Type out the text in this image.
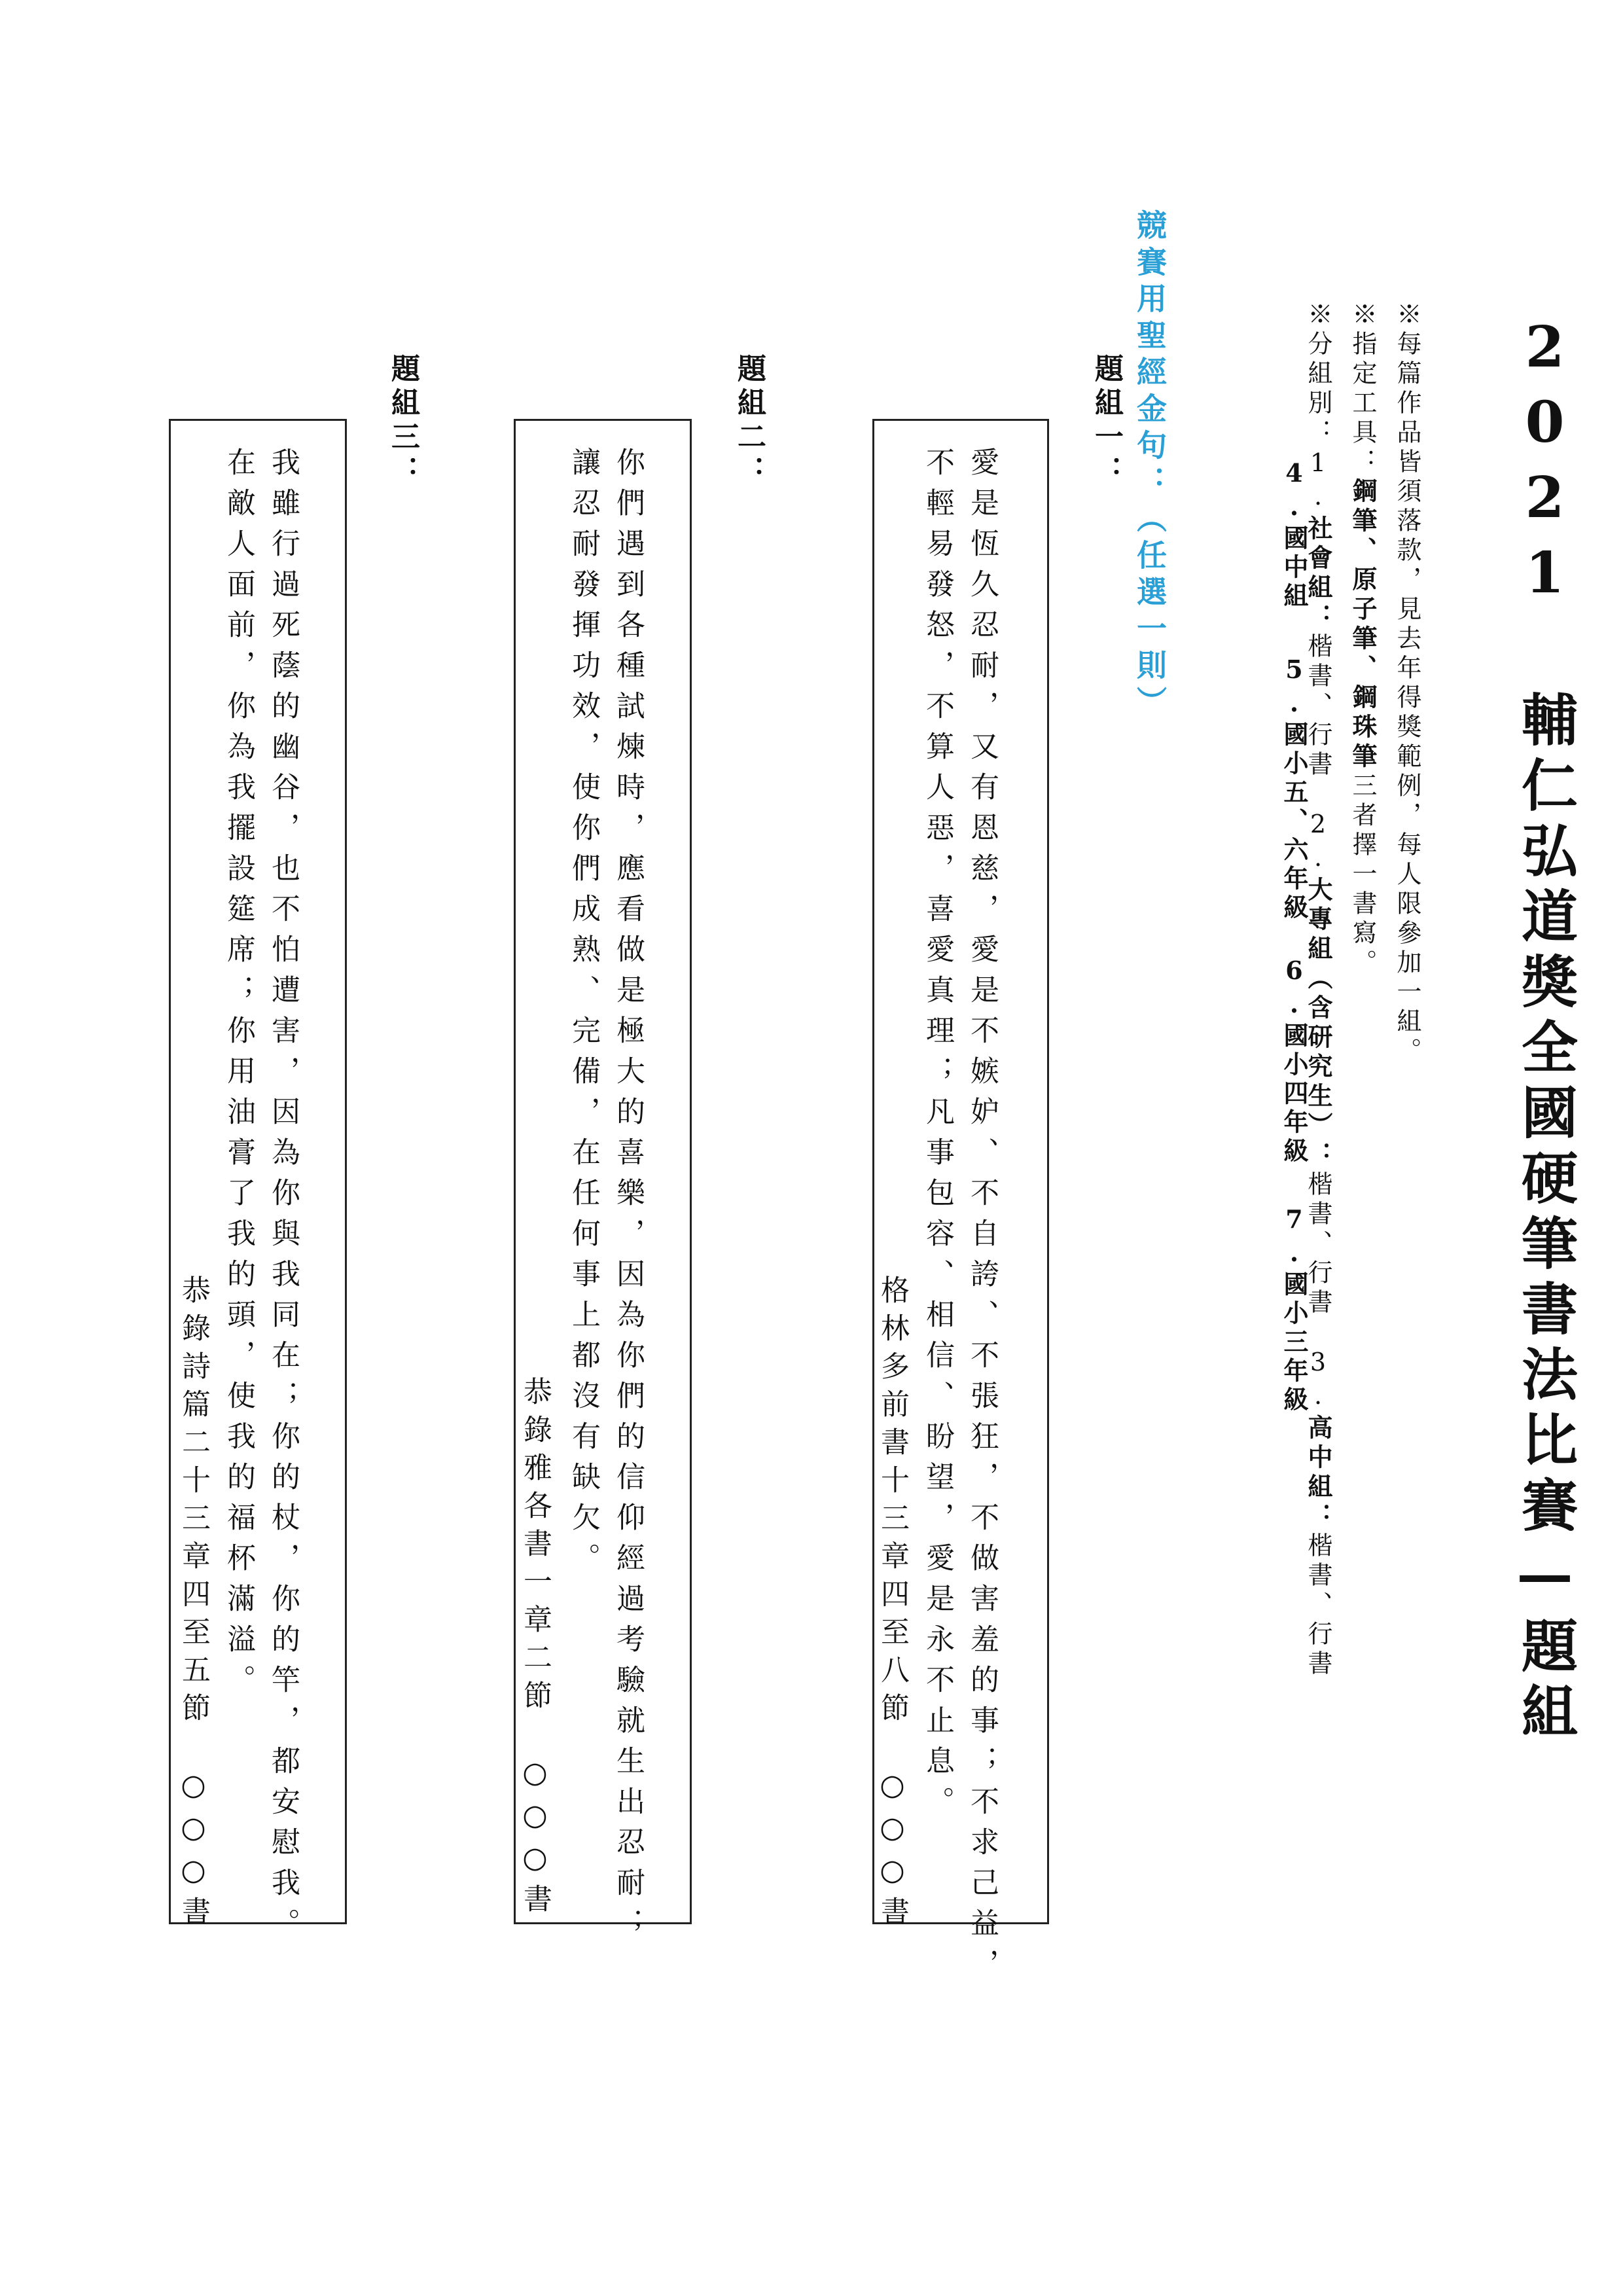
2021 輔仁弘道獎全國硬筆書法比賽—題組
※每篇作品皆須落款，見去年得獎範例，每人限參加一組。
※指定工具：鋼筆、原子筆、鋼珠筆三者擇一書寫。
※分組別：1.社會組：楷書、行書　2.大專組（含研究生）：楷書、行書　3.高中組：楷書、行書
4.國中組
5.國小五、六年級
6.國小四年級
7.國小三年級
競賽用聖經金句：（任選一則）
題組一：
愛是恆久忍耐，又有恩慈，愛是不嫉妒、不自誇、不張狂，不做害羞的事；不求己益，
不輕易發怒，不算人惡，喜愛真理；凡事包容、相信、盼望，愛是永不止息。
格林多前書十三章四至八節　○○○書
題組二：
你們遇到各種試煉時，應看做是極大的喜樂，因為你們的信仰經過考驗就生出忍耐；
讓忍耐發揮功效，使你們成熟、完備，在任何事上都沒有缺欠。
恭錄雅各書一章二節　○○○書
題組三：
我雖行過死蔭的幽谷，也不怕遭害，因為你與我同在；你的杖，你的竿，都安慰我。
在敵人面前，你為我擺設筵席；你用油膏了我的頭，使我的福杯滿溢。
恭錄詩篇二十三章四至五節　○○○書
